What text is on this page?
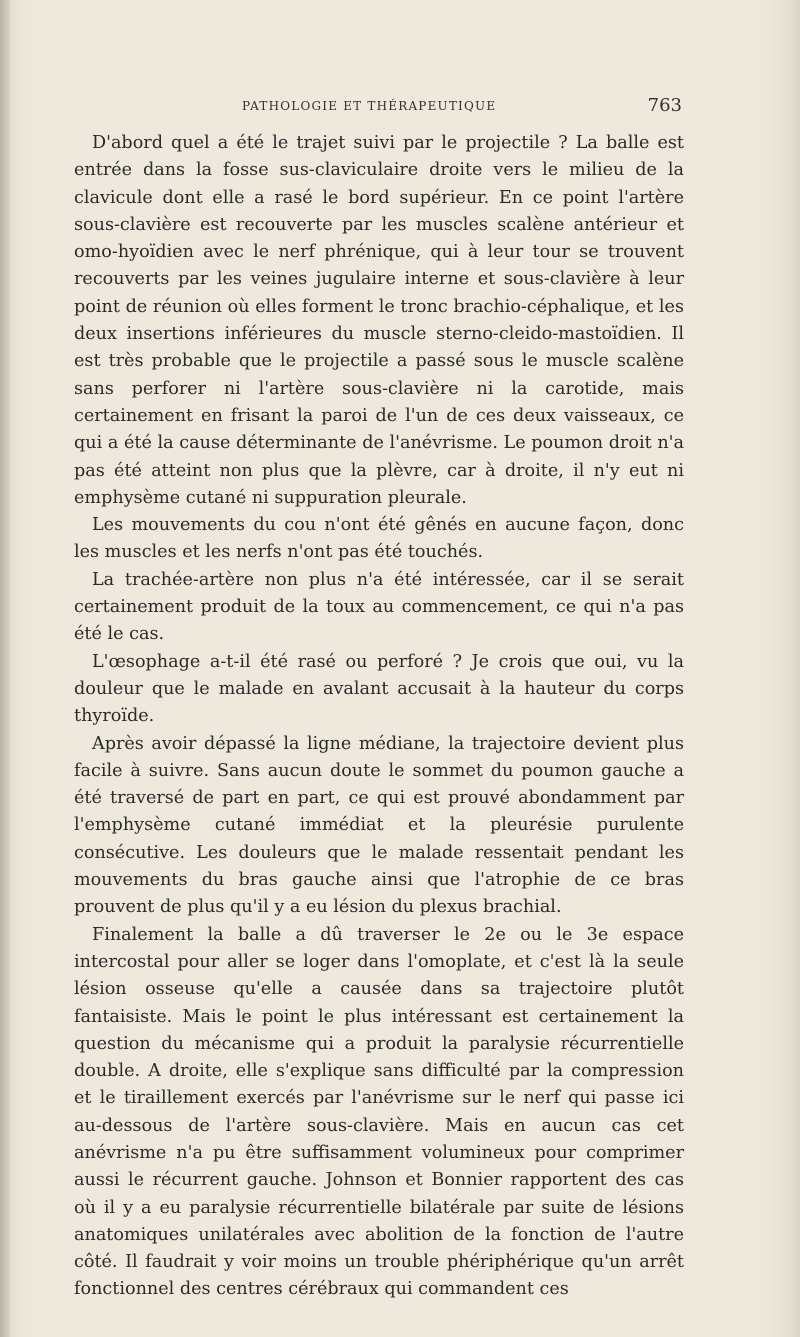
PATHOLOGIE ET THÉRAPEUTIQUE	763

D'abord quel a été le trajet suivi par le projectile ? La balle est entrée dans la fosse sus-claviculaire droite vers le milieu de la clavicule dont elle a rasé le bord supérieur. En ce point l'artère sous-clavière est recouverte par les muscles scalène antérieur et omo-hyoïdien avec le nerf phrénique, qui à leur tour se trouvent recouverts par les veines jugulaire interne et sous-clavière à leur point de réunion où elles forment le tronc brachio-céphalique, et les deux insertions inférieures du muscle sterno-cleido-mastoïdien. Il est très probable que le projectile a passé sous le muscle scalène sans perforer ni l'artère sous-clavière ni la carotide, mais certainement en frisant la paroi de l'un de ces deux vaisseaux, ce qui a été la cause déterminante de l'anévrisme. Le poumon droit n'a pas été atteint non plus que la plèvre, car à droite, il n'y eut ni emphysème cutané ni suppuration pleurale.

Les mouvements du cou n'ont été gênés en aucune façon, donc les muscles et les nerfs n'ont pas été touchés.

La trachée-artère non plus n'a été intéressée, car il se serait certainement produit de la toux au commencement, ce qui n'a pas été le cas.

L'œsophage a-t-il été rasé ou perforé ? Je crois que oui, vu la douleur que le malade en avalant accusait à la hauteur du corps thyroïde.

Après avoir dépassé la ligne médiane, la trajectoire devient plus facile à suivre. Sans aucun doute le sommet du poumon gauche a été traversé de part en part, ce qui est prouvé abondamment par l'emphysème cutané immédiat et la pleurésie purulente consécutive. Les douleurs que le malade ressentait pendant les mouvements du bras gauche ainsi que l'atrophie de ce bras prouvent de plus qu'il y a eu lésion du plexus brachial.

Finalement la balle a dû traverser le 2e ou le 3e espace intercostal pour aller se loger dans l'omoplate, et c'est là la seule lésion osseuse qu'elle a causée dans sa trajectoire plutôt fantaisiste. Mais le point le plus intéressant est certainement la question du mécanisme qui a produit la paralysie récurrentielle double. A droite, elle s'explique sans difficulté par la compression et le tiraillement exercés par l'anévrisme sur le nerf qui passe ici au-dessous de l'artère sous-clavière. Mais en aucun cas cet anévrisme n'a pu être suffisamment volumineux pour comprimer aussi le récurrent gauche. Johnson et Bonnier rapportent des cas où il y a eu paralysie récurrentielle bilatérale par suite de lésions anatomiques unilatérales avec abolition de la fonction de l'autre côté. Il faudrait y voir moins un trouble phériphérique qu'un arrêt fonctionnel des centres cérébraux qui commandent ces
